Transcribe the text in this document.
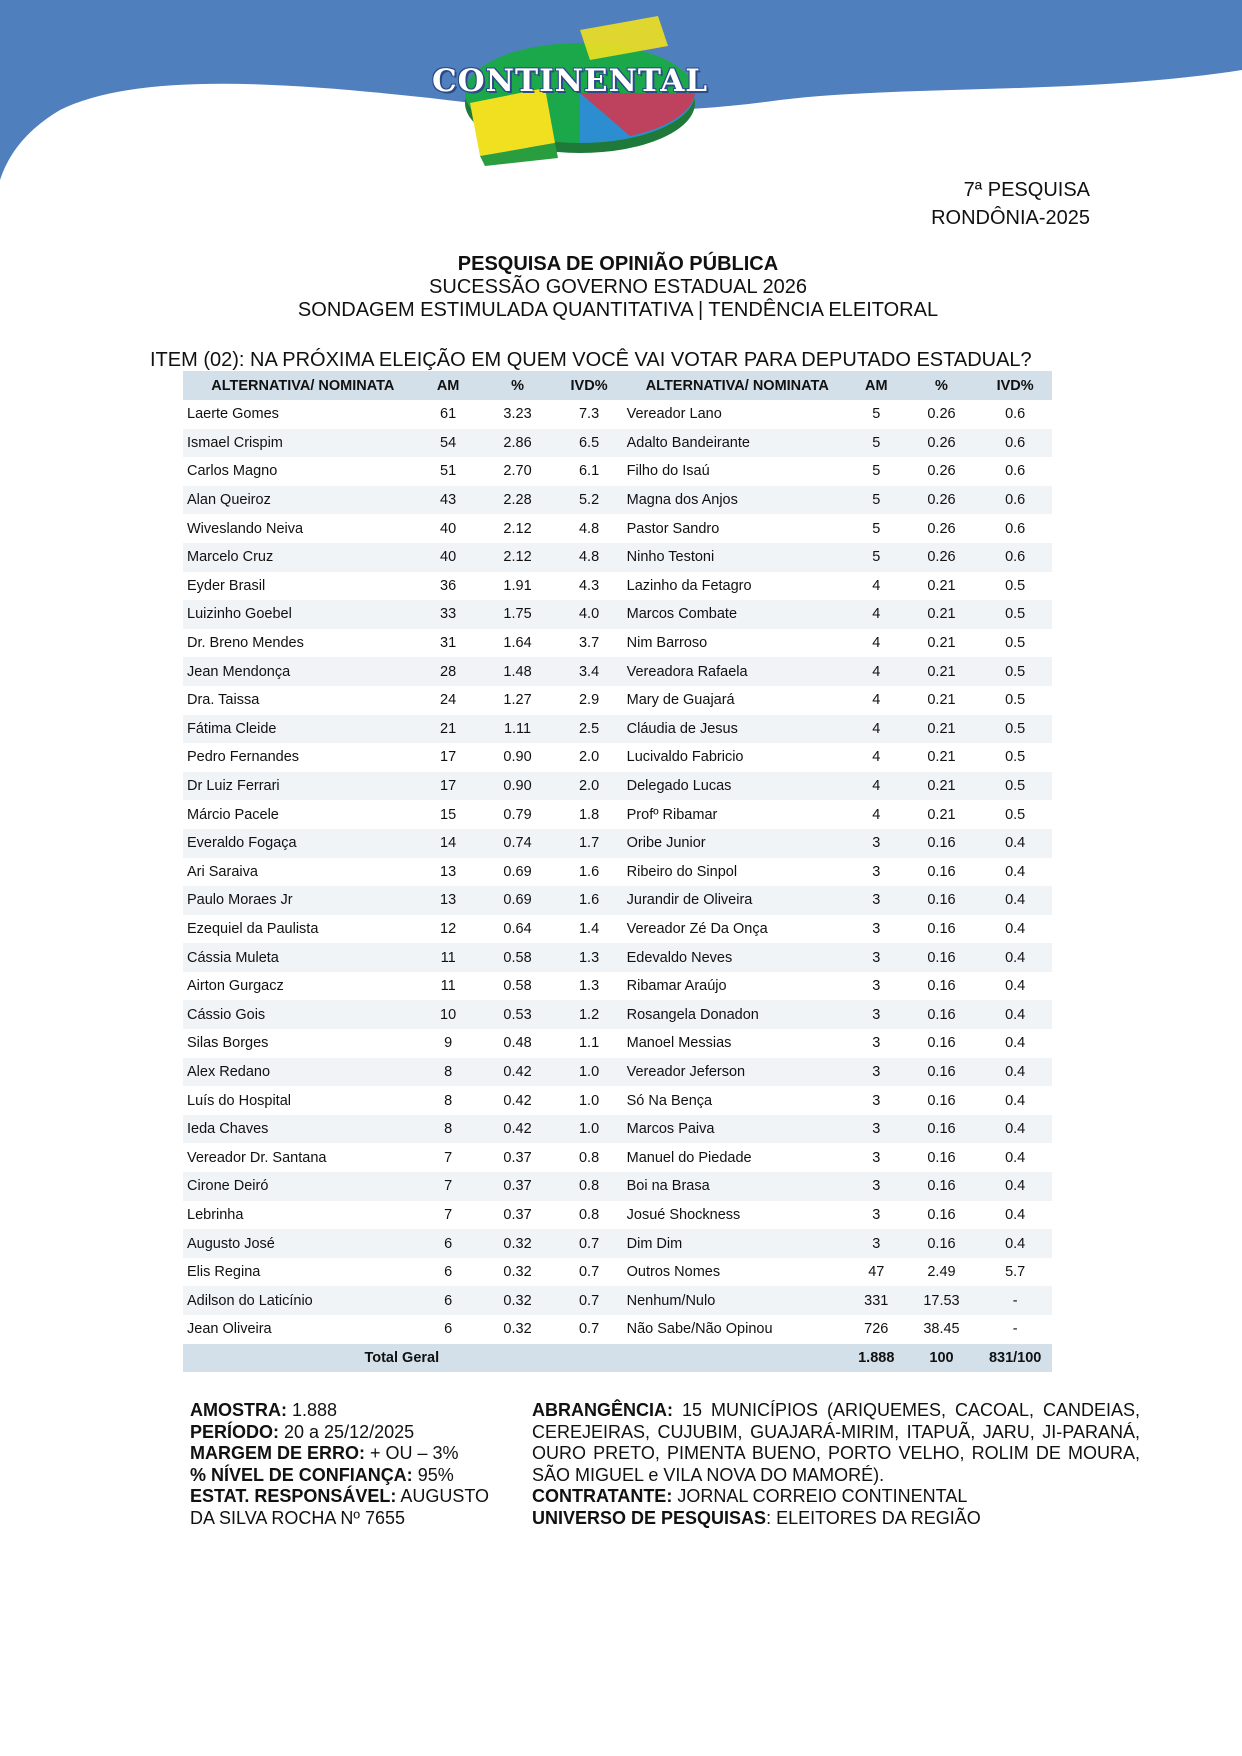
CONTINENTAL
7ª PESQUISA
RONDÔNIA-2025
PESQUISA DE OPINIÃO PÚBLICA
SUCESSÃO GOVERNO ESTADUAL 2026
SONDAGEM ESTIMULADA QUANTITATIVA | TENDÊNCIA ELEITORAL
ITEM (02): NA PRÓXIMA ELEIÇÃO EM QUEM VOCÊ VAI VOTAR PARA DEPUTADO ESTADUAL?
ALTERNATIVA/ NOMINATA	AM	%	IVD%	ALTERNATIVA/ NOMINATA	AM	%	IVD%
Laerte Gomes	61	3.23	7.3	Vereador Lano	5	0.26	0.6
Ismael Crispim	54	2.86	6.5	Adalto Bandeirante	5	0.26	0.6
Carlos Magno	51	2.70	6.1	Filho do Isaú	5	0.26	0.6
Alan Queiroz	43	2.28	5.2	Magna dos Anjos	5	0.26	0.6
Wiveslando Neiva	40	2.12	4.8	Pastor Sandro	5	0.26	0.6
Marcelo Cruz	40	2.12	4.8	Ninho Testoni	5	0.26	0.6
Eyder Brasil	36	1.91	4.3	Lazinho da Fetagro	4	0.21	0.5
Luizinho Goebel	33	1.75	4.0	Marcos Combate	4	0.21	0.5
Dr. Breno Mendes	31	1.64	3.7	Nim Barroso	4	0.21	0.5
Jean Mendonça	28	1.48	3.4	Vereadora Rafaela	4	0.21	0.5
Dra. Taissa	24	1.27	2.9	Mary de Guajará	4	0.21	0.5
Fátima Cleide	21	1.11	2.5	Cláudia de Jesus	4	0.21	0.5
Pedro Fernandes	17	0.90	2.0	Lucivaldo Fabricio	4	0.21	0.5
Dr Luiz Ferrari	17	0.90	2.0	Delegado Lucas	4	0.21	0.5
Márcio Pacele	15	0.79	1.8	Profº Ribamar	4	0.21	0.5
Everaldo Fogaça	14	0.74	1.7	Oribe Junior	3	0.16	0.4
Ari Saraiva	13	0.69	1.6	Ribeiro do Sinpol	3	0.16	0.4
Paulo Moraes Jr	13	0.69	1.6	Jurandir de Oliveira	3	0.16	0.4
Ezequiel da Paulista	12	0.64	1.4	Vereador Zé Da Onça	3	0.16	0.4
Cássia Muleta	11	0.58	1.3	Edevaldo Neves	3	0.16	0.4
Airton Gurgacz	11	0.58	1.3	Ribamar Araújo	3	0.16	0.4
Cássio Gois	10	0.53	1.2	Rosangela Donadon	3	0.16	0.4
Silas Borges	9	0.48	1.1	Manoel Messias	3	0.16	0.4
Alex Redano	8	0.42	1.0	Vereador Jeferson	3	0.16	0.4
Luís do Hospital	8	0.42	1.0	Só Na Bença	3	0.16	0.4
Ieda Chaves	8	0.42	1.0	Marcos Paiva	3	0.16	0.4
Vereador Dr. Santana	7	0.37	0.8	Manuel do Piedade	3	0.16	0.4
Cirone Deiró	7	0.37	0.8	Boi na Brasa	3	0.16	0.4
Lebrinha	7	0.37	0.8	Josué Shockness	3	0.16	0.4
Augusto José	6	0.32	0.7	Dim Dim	3	0.16	0.4
Elis Regina	6	0.32	0.7	Outros Nomes	47	2.49	5.7
Adilson do Laticínio	6	0.32	0.7	Nenhum/Nulo	331	17.53	-
Jean Oliveira	6	0.32	0.7	Não Sabe/Não Opinou	726	38.45	-
Total Geral					1.888	100	831/100
AMOSTRA: 1.888
PERÍODO: 20 a 25/12/2025
MARGEM DE ERRO: + OU – 3%
% NÍVEL DE CONFIANÇA: 95%
ESTAT. RESPONSÁVEL: AUGUSTO DA SILVA ROCHA Nº 7655
ABRANGÊNCIA: 15 MUNICÍPIOS (ARIQUEMES, CACOAL, CANDEIAS, CEREJEIRAS, CUJUBIM, GUAJARÁ-MIRIM, ITAPUÃ, JARU, JI-PARANÁ, OURO PRETO, PIMENTA BUENO, PORTO VELHO, ROLIM DE MOURA, SÃO MIGUEL e VILA NOVA DO MAMORÉ).
CONTRATANTE: JORNAL CORREIO CONTINENTAL
UNIVERSO DE PESQUISAS: ELEITORES DA REGIÃO
